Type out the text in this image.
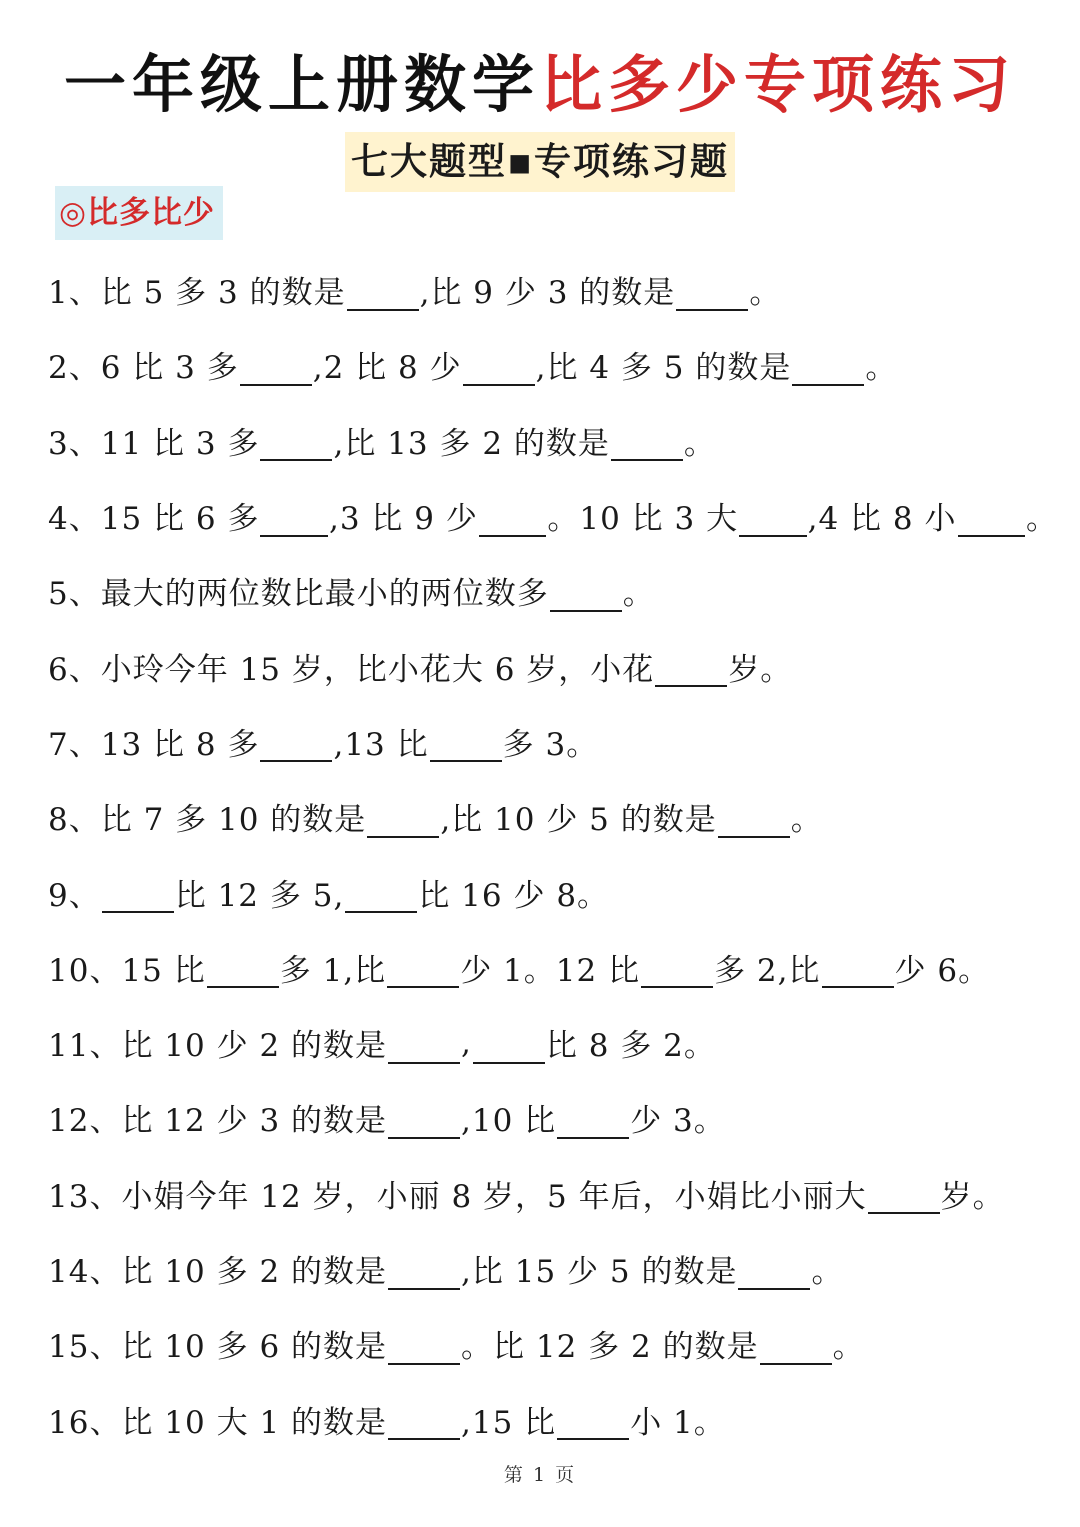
一年级上册数学比多少专项练习
七大题型▪专项练习题
◎比多比少
1、比 5 多 3 的数是 ,比 9 少 3 的数是 。
2、6 比 3 多 ,2 比 8 少 ,比 4 多 5 的数是 。
3、11 比 3 多 ,比 13 多 2 的数是 。
4、15 比 6 多 ,3 比 9 少 。10 比 3 大 ,4 比 8 小 。
5、最大的两位数比最小的两位数多 。
6、小玲今年 15 岁，比小花大 6 岁，小花 岁。
7、13 比 8 多 ,13 比 多 3。
8、比 7 多 10 的数是 ,比 10 少 5 的数是 。
9、 比 12 多 5, 比 16 少 8。
10、15 比 多 1,比 少 1。12 比 多 2,比 少 6。
11、比 10 少 2 的数是 , 比 8 多 2。
12、比 12 少 3 的数是 ,10 比 少 3。
13、小娟今年 12 岁，小丽 8 岁，5 年后，小娟比小丽大 岁。
14、比 10 多 2 的数是 ,比 15 少 5 的数是 。
15、比 10 多 6 的数是 。比 12 多 2 的数是 。
16、比 10 大 1 的数是 ,15 比 小 1。
第 1 页
